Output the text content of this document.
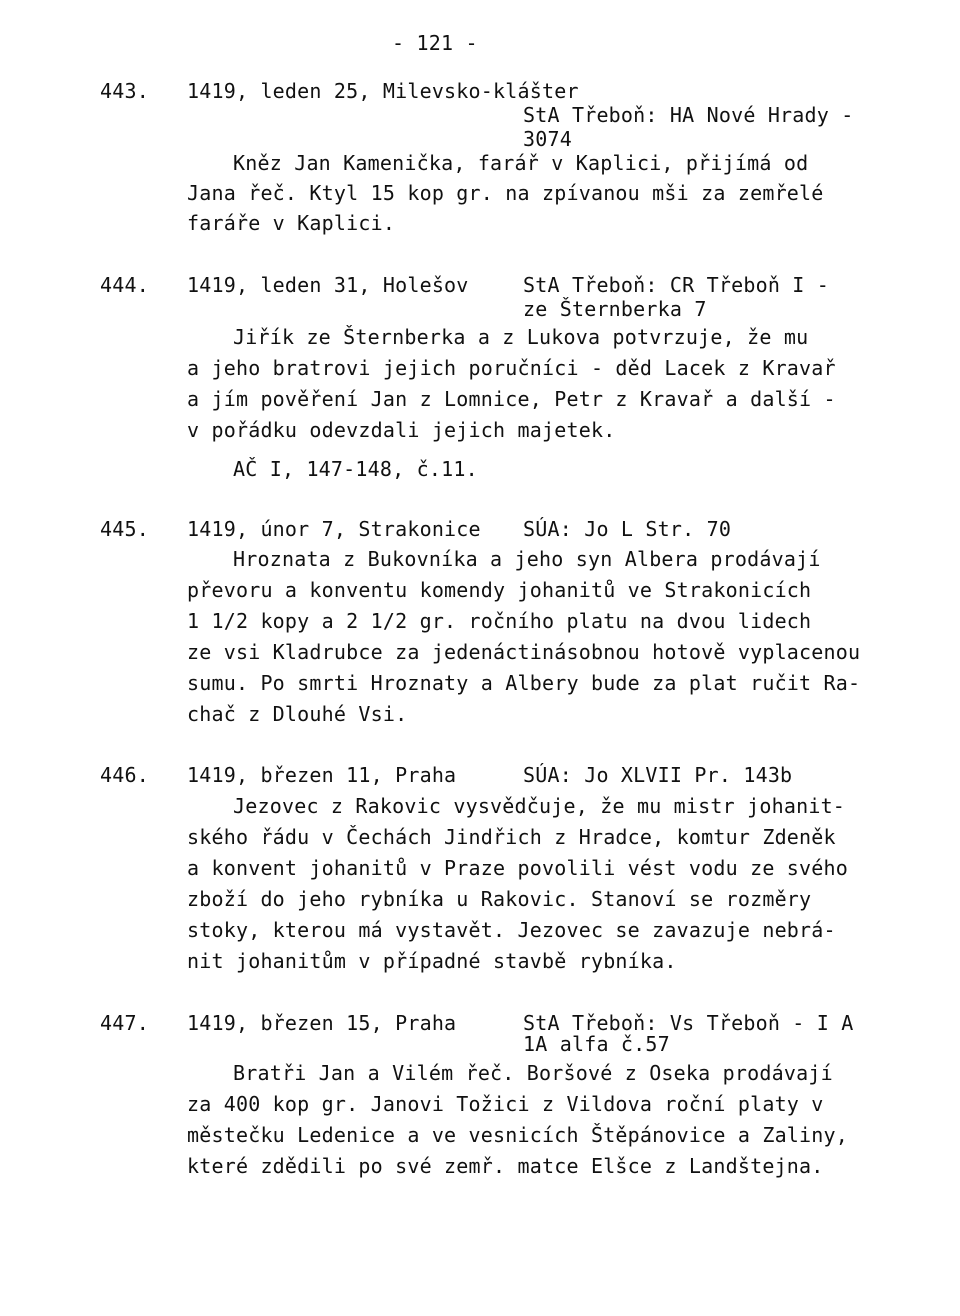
- 121 -
443. 1419, leden 25, Milevsko-klášter
StA Třeboň: HA Nové Hrady -
3074
Kněz Jan Kamenička, farář v Kaplici, přijímá od
Jana řeč. Ktyl 15 kop gr. na zpívanou mši za zemřelé
faráře v Kaplici.
444. 1419, leden 31, Holešov	StA Třeboň: CR Třeboň I -
ze Šternberka 7
Jiřík ze Šternberka a z Lukova potvrzuje, že mu
a jeho bratrovi jejich poručníci - děd Lacek z Kravař
a jím pověření Jan z Lomnice, Petr z Kravař a další -
v pořádku odevzdali jejich majetek.
AČ I, 147-148, č.11.
445. 1419, únor 7, Strakonice SÚA: Jo L Str. 70
Hroznata z Bukovníka a jeho syn Albera prodávají
převoru a konventu komendy johanitů ve Strakonicích
1 1/2 kopy a 2 1/2 gr. ročního platu na dvou lidech
ze vsi Kladrubce za jedenáctinásobnou hotově vyplacenou
sumu. Po smrti Hroznaty a Albery bude za plat ručit Ra-
chač z Dlouhé Vsi.
446. 1419, březen 11, Praha	SÚA: Jo XLVII Pr. 143b
Jezovec z Rakovic vysvědčuje, že mu mistr johanit-
ského řádu v Čechách Jindřich z Hradce, komtur Zdeněk
a konvent johanitů v Praze povolili vést vodu ze svého
zboží do jeho rybníka u Rakovic. Stanoví se rozměry
stoky, kterou má vystavět. Jezovec se zavazuje nebrá-
nit johanitům v případné stavbě rybníka.
447. 1419, březen 15, Praha	StA Třeboň: Vs Třeboň - I A
1A alfa č.57
Bratři Jan a Vilém řeč. Boršové z Oseka prodávají
za 400 kop gr. Janovi Tožici z Vildova roční platy v
městečku Ledenice a ve vesnicích Štěpánovice a Zaliny,
které zdědili po své zemř. matce Elšce z Landštejna.
